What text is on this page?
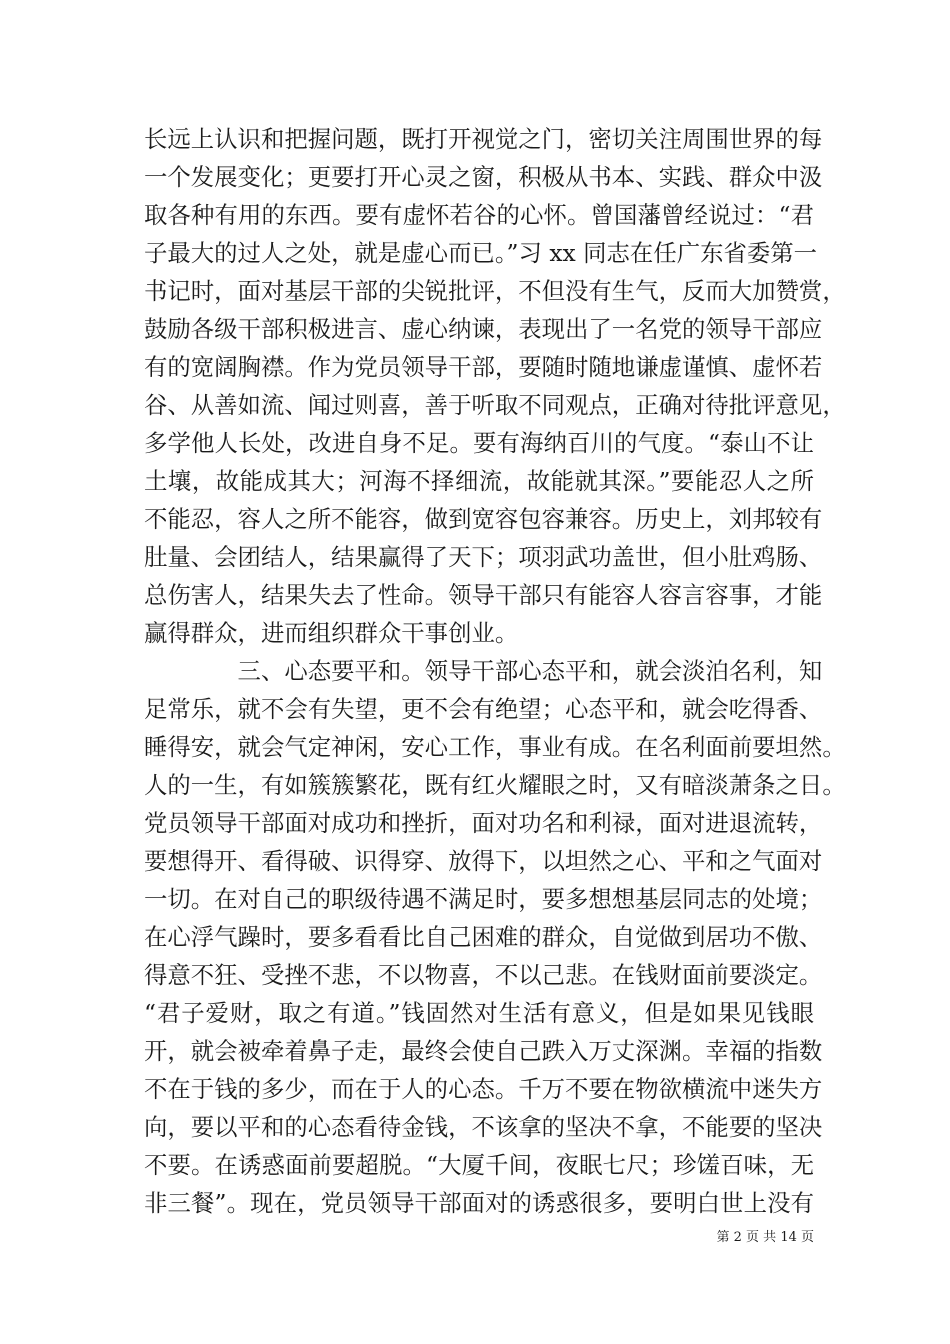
长远上认识和把握问题，既打开视觉之门，密切关注周围世界的每
一个发展变化；更要打开心灵之窗，积极从书本、实践、群众中汲
取各种有用的东西。要有虚怀若谷的心怀。曾国藩曾经说过：“君
子最大的过人之处，就是虚心而已。”习 xx 同志在任广东省委第一
书记时，面对基层干部的尖锐批评，不但没有生气，反而大加赞赏，
鼓励各级干部积极进言、虚心纳谏，表现出了一名党的领导干部应
有的宽阔胸襟。作为党员领导干部，要随时随地谦虚谨慎、虚怀若
谷、从善如流、闻过则喜，善于听取不同观点，正确对待批评意见，
多学他人长处，改进自身不足。要有海纳百川的气度。“泰山不让
土壤，故能成其大；河海不择细流，故能就其深。”要能忍人之所
不能忍，容人之所不能容，做到宽容包容兼容。历史上，刘邦较有
肚量、会团结人，结果赢得了天下；项羽武功盖世，但小肚鸡肠、
总伤害人，结果失去了性命。领导干部只有能容人容言容事，才能
赢得群众，进而组织群众干事创业。
　　　　三、心态要平和。领导干部心态平和，就会淡泊名利，知
足常乐，就不会有失望，更不会有绝望；心态平和，就会吃得香、
睡得安，就会气定神闲，安心工作，事业有成。在名利面前要坦然。
人的一生，有如簇簇繁花，既有红火耀眼之时，又有暗淡萧条之日。
党员领导干部面对成功和挫折，面对功名和利禄，面对进退流转，
要想得开、看得破、识得穿、放得下，以坦然之心、平和之气面对
一切。在对自己的职级待遇不满足时，要多想想基层同志的处境；
在心浮气躁时，要多看看比自己困难的群众，自觉做到居功不傲、
得意不狂、受挫不悲，不以物喜，不以己悲。在钱财面前要淡定。
“君子爱财，取之有道。”钱固然对生活有意义，但是如果见钱眼
开，就会被牵着鼻子走，最终会使自己跌入万丈深渊。幸福的指数
不在于钱的多少，而在于人的心态。千万不要在物欲横流中迷失方
向，要以平和的心态看待金钱，不该拿的坚决不拿，不能要的坚决
不要。在诱惑面前要超脱。“大厦千间，夜眠七尺；珍馐百味，无
非三餐”。现在，党员领导干部面对的诱惑很多，要明白世上没有
第 2 页 共 14 页
